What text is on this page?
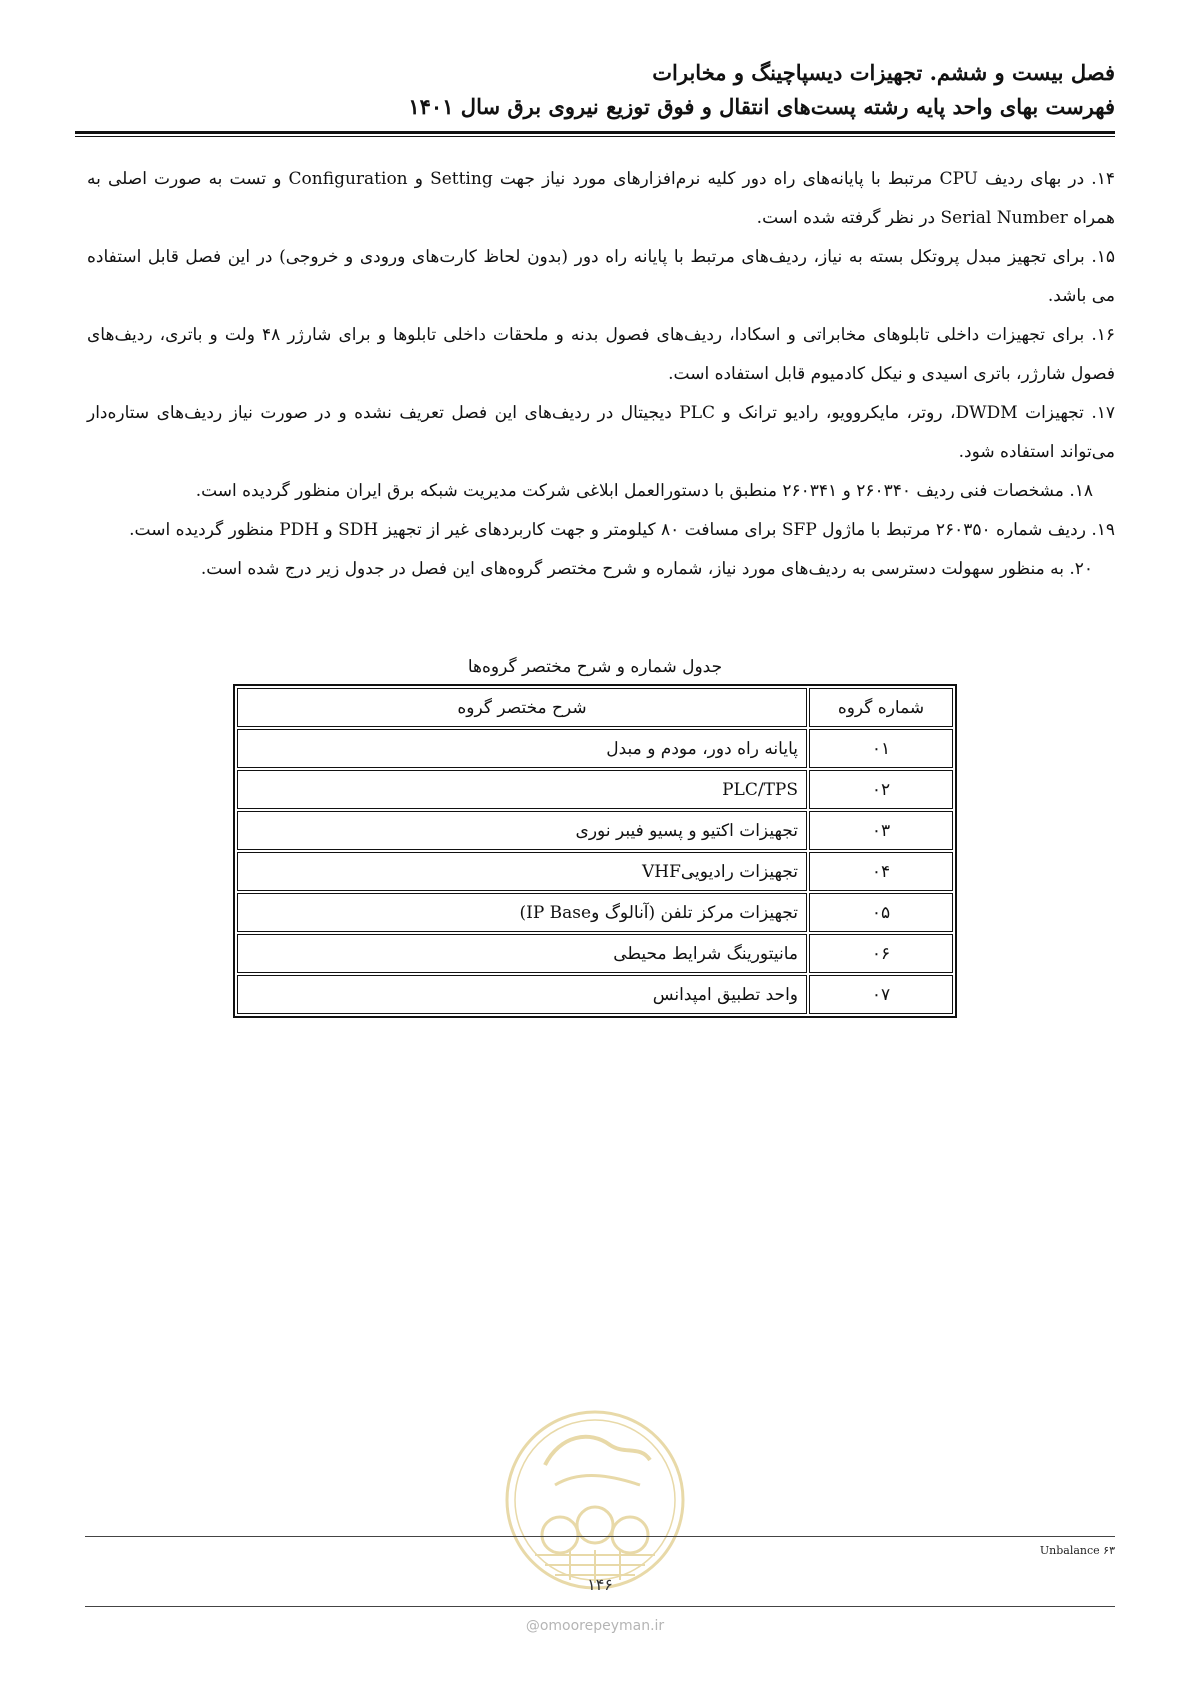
فصل بیست و ششم. تجهیزات دیسپاچینگ و مخابرات
فهرست بهای واحد پایه رشته پست‌های انتقال و فوق توزیع نیروی برق سال ۱۴۰۱

۱۴. در بهای ردیف CPU مرتبط با پایانه‌های راه دور کلیه نرم‌افزارهای مورد نیاز جهت Setting و Configuration و تست به صورت اصلی به همراه Serial Number در نظر گرفته شده است.

۱۵. برای تجهیز مبدل پروتکل بسته به نیاز، ردیف‌های مرتبط با پایانه راه دور (بدون لحاظ کارت‌های ورودی و خروجی) در این فصل قابل استفاده می باشد.

۱۶. برای تجهیزات داخلی تابلوهای مخابراتی و اسکادا، ردیف‌های فصول بدنه و ملحقات داخلی تابلوها و برای شارژر ۴۸ ولت و باتری، ردیف‌های فصول شارژر، باتری اسیدی و نیکل کادمیوم قابل استفاده است.

۱۷. تجهیزات DWDM، روتر، مایکروویو، رادیو ترانک و PLC دیجیتال در ردیف‌های این فصل تعریف نشده و در صورت نیاز ردیف‌های ستاره‌دار می‌تواند استفاده شود.

۱۸. مشخصات فنی ردیف ۲۶۰۳۴۰ و ۲۶۰۳۴۱ منطبق با دستورالعمل ابلاغی شرکت مدیریت شبکه برق ایران منظور گردیده است.

۱۹. ردیف شماره ۲۶۰۳۵۰ مرتبط با ماژول SFP برای مسافت ۸۰ کیلومتر و جهت کاربردهای غیر از تجهیز SDH و PDH منظور گردیده است.

۲۰. به منظور سهولت دسترسی به ردیف‌های مورد نیاز، شماره و شرح مختصر گروه‌های این فصل در جدول زیر درج شده است.

جدول شماره و شرح مختصر گروه‌ها
شماره گروه	شرح مختصر گروه
۰۱	پایانه راه دور، مودم و مبدل
۰۲	PLC/TPS
۰۳	تجهیزات اکتیو و پسیو فیبر نوری
۰۴	تجهیزات رادیوییVHF
۰۵	تجهیزات مرکز تلفن (آنالوگ وIP Base)
۰۶	مانیتورینگ شرایط محیطی
۰۷	واحد تطبیق امپدانس
Unbalance ۶۳
۱۴۶
@omoorepeyman.ir
